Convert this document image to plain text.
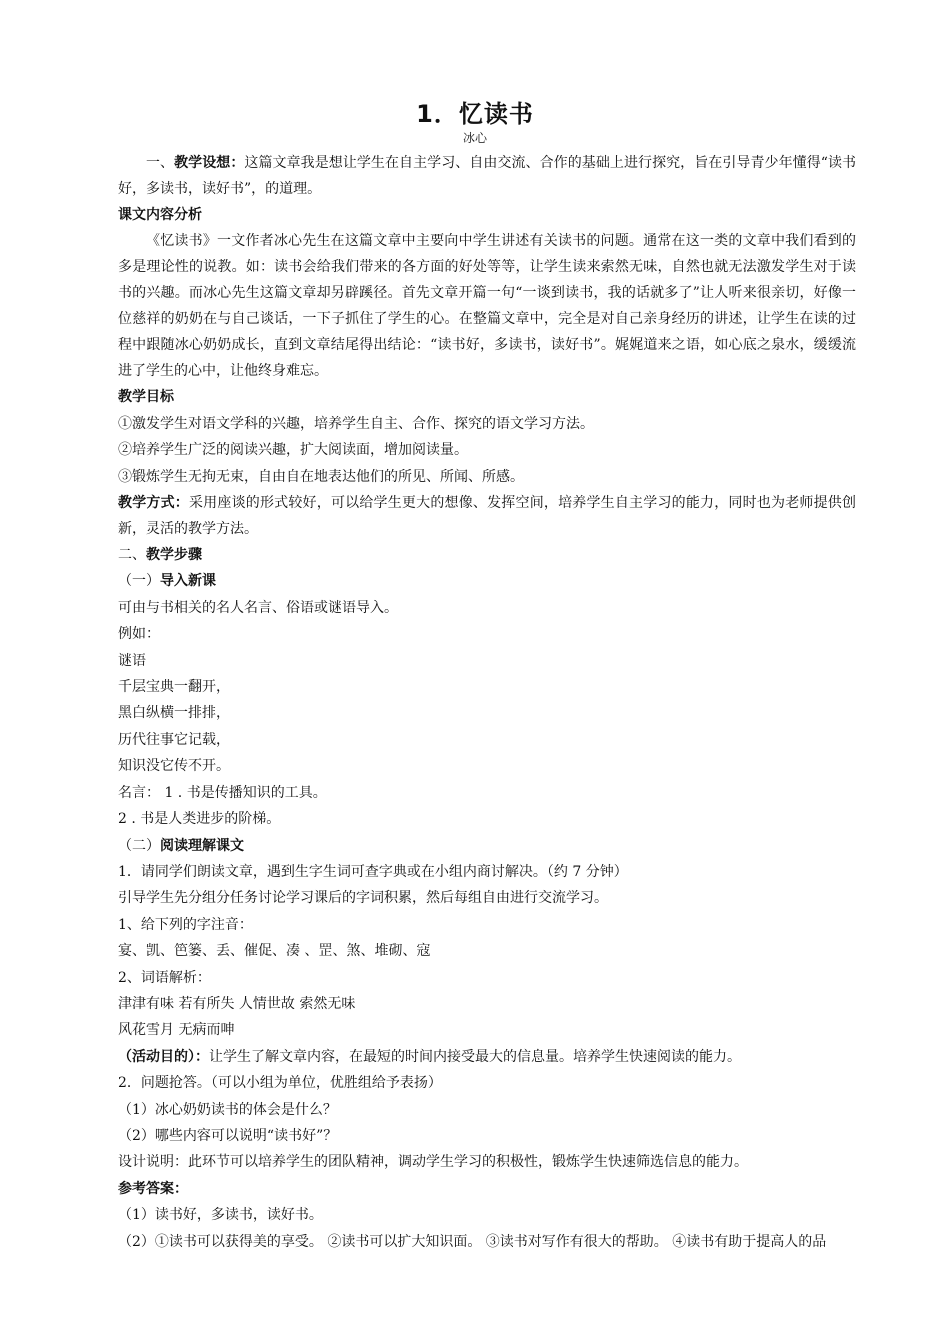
1．忆读书
冰心

一、教学设想：这篇文章我是想让学生在自主学习、自由交流、合作的基础上进行探究，旨在引导青少年懂得“读书好，多读书，读好书”，的道理。

课文内容分析

《忆读书》一文作者冰心先生在这篇文章中主要向中学生讲述有关读书的问题。通常在这一类的文章中我们看到的多是理论性的说教。如：读书会给我们带来的各方面的好处等等，让学生读来索然无味，自然也就无法激发学生对于读书的兴趣。而冰心先生这篇文章却另辟蹊径。首先文章开篇一句“一谈到读书，我的话就多了”让人听来很亲切，好像一位慈祥的奶奶在与自己谈话，一下子抓住了学生的心。在整篇文章中，完全是对自己亲身经历的讲述，让学生在读的过程中跟随冰心奶奶成长，直到文章结尾得出结论：“读书好，多读书，读好书”。娓娓道来之语，如心底之泉水，缓缓流进了学生的心中，让他终身难忘。

教学目标

①激发学生对语文学科的兴趣，培养学生自主、合作、探究的语文学习方法。

②培养学生广泛的阅读兴趣，扩大阅读面，增加阅读量。

③锻炼学生无拘无束，自由自在地表达他们的所见、所闻、所感。

教学方式：采用座谈的形式较好，可以给学生更大的想像、发挥空间，培养学生自主学习的能力，同时也为老师提供创新，灵活的教学方法。

二、教学步骤

（一）导入新课

可由与书相关的名人名言、俗语或谜语导入。

例如：

谜语

千层宝典一翻开，

黑白纵横一排排，

历代往事它记载，

知识没它传不开。

名言： 1 . 书是传播知识的工具。

2 . 书是人类进步的阶梯。

（二）阅读理解课文

1．请同学们朗读文章，遇到生字生词可查字典或在小组内商讨解决。（约 7 分钟）

引导学生先分组分任务讨论学习课后的字词积累，然后每组自由进行交流学习。

1、给下列的字注音：

宴、凯、笆篓、丢、催促、凑 、罡、煞、堆砌、寇

2、词语解析：

津津有味 若有所失 人情世故 索然无味

风花雪月 无病而呻

（活动目的）：让学生了解文章内容，在最短的时间内接受最大的信息量。培养学生快速阅读的能力。

2．问题抢答。（可以小组为单位，优胜组给予表扬）

（1）冰心奶奶读书的体会是什么？

（2）哪些内容可以说明“读书好”？

设计说明：此环节可以培养学生的团队精神，调动学生学习的积极性，锻炼学生快速筛选信息的能力。

参考答案：

（1）读书好，多读书，读好书。

（2）①读书可以获得美的享受。 ②读书可以扩大知识面。 ③读书对写作有很大的帮助。 ④读书有助于提高人的品
